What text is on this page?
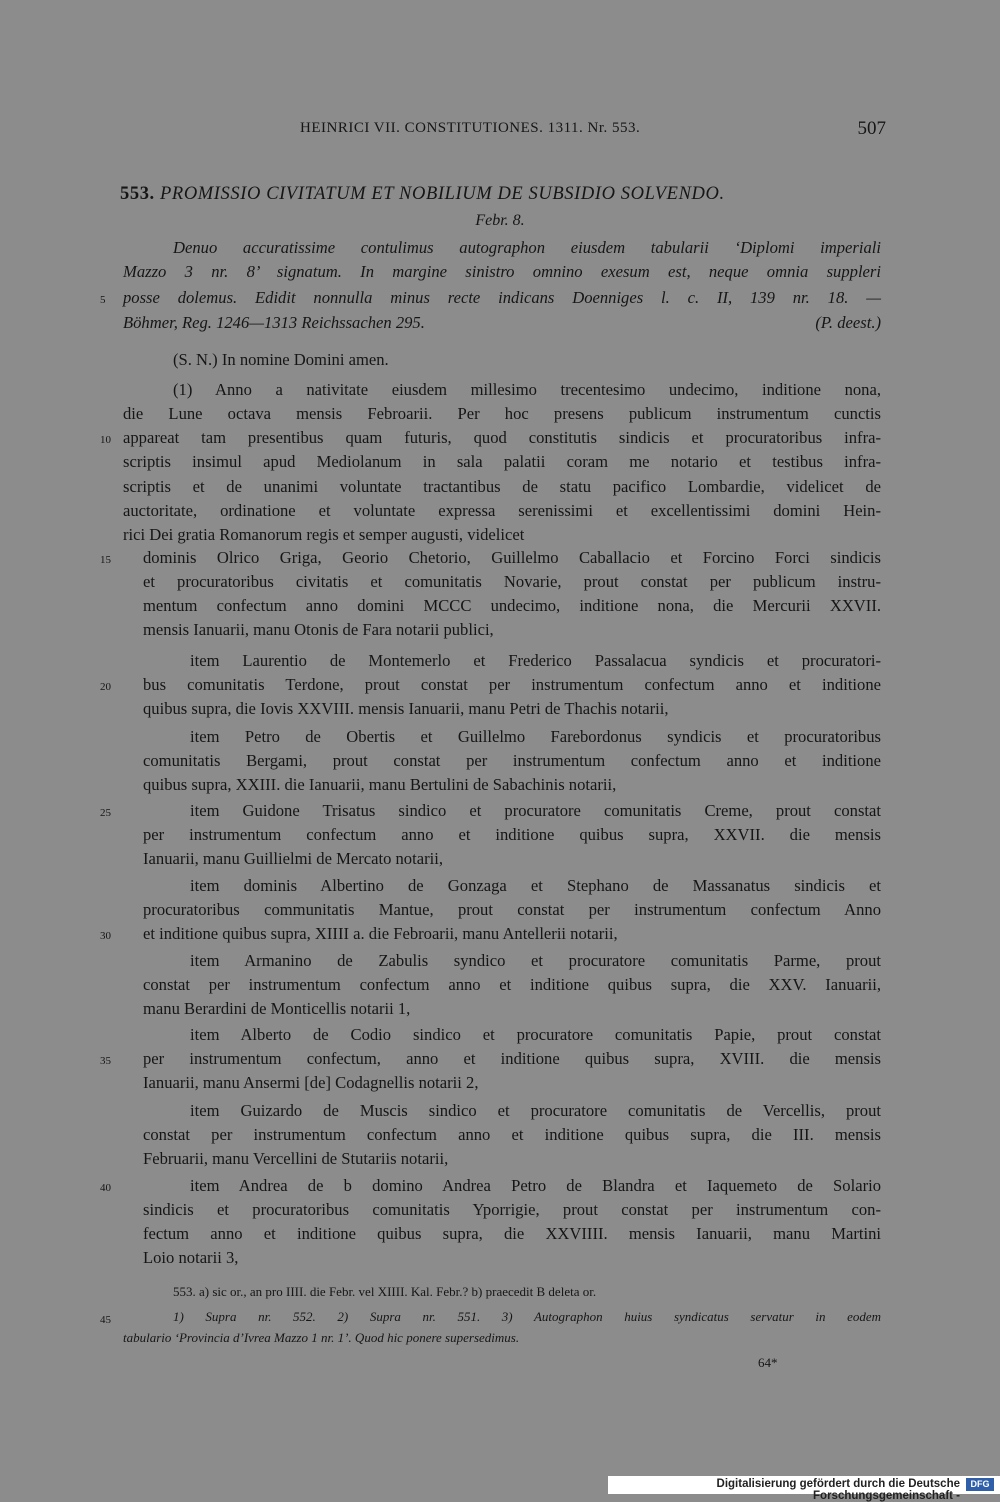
HEINRICI VII. CONSTITUTIONES. 1311. Nr. 553.	507
553. PROMISSIO CIVITATUM ET NOBILIUM DE SUBSIDIO SOLVENDO.
Febr. 8.
Denuo accuratissime contulimus autographon eiusdem tabularii ‘Diplomi imperiali
Mazzo 3 nr. 8’ signatum. In margine sinistro omnino exesum est, neque omnia suppleri
posse dolemus. Edidit nonnulla minus recte indicans Doenniges l. c. II, 139 nr. 18. —
Böhmer, Reg. 1246—1313 Reichssachen 295.	(P. deest.)
(S. N.) In nomine Domini amen.
(1) Anno a nativitate eiusdem millesimo trecentesimo undecimo, inditione nona,
die Lune octava mensis Febroarii. Per hoc presens publicum instrumentum cunctis
appareat tam presentibus quam futuris, quod constitutis sindicis et procuratoribus infra-
scriptis insimul apud Mediolanum in sala palatii coram me notario et testibus infra-
scriptis et de unanimi voluntate tractantibus de statu pacifico Lombardie, videlicet de
auctoritate, ordinatione et voluntate expressa serenissimi et excellentissimi domini Hein-
rici Dei gratia Romanorum regis et semper augusti, videlicet
dominis Olrico Griga, Georio Chetorio, Guillelmo Caballacio et Forcino Forci sindicis
et procuratoribus civitatis et comunitatis Novarie, prout constat per publicum instru-
mentum confectum anno domini MCCC undecimo, inditione nona, die Mercurii XXVII.
mensis Ianuarii, manu Otonis de Fara notarii publici,
item Laurentio de Montemerlo et Frederico Passalacua syndicis et procuratori-
bus comunitatis Terdone, prout constat per instrumentum confectum anno et inditione
quibus supra, die Iovis XXVIII. mensis Ianuarii, manu Petri de Thachis notarii,
item Petro de Obertis et Guillelmo Farebordonus syndicis et procuratoribus
comunitatis Bergami, prout constat per instrumentum confectum anno et inditione
quibus supra, XXIII. die Ianuarii, manu Bertulini de Sabachinis notarii,
item Guidone Trisatus sindico et procuratore comunitatis Creme, prout constat
per instrumentum confectum anno et inditione quibus supra, XXVII. die mensis
Ianuarii, manu Guillielmi de Mercato notarii,
item dominis Albertino de Gonzaga et Stephano de Massanatus sindicis et
procuratoribus communitatis Mantue, prout constat per instrumentum confectum Anno
et inditione quibus supra, XIIII a. die Febroarii, manu Antellerii notarii,
item Armanino de Zabulis syndico et procuratore comunitatis Parme, prout
constat per instrumentum confectum anno et inditione quibus supra, die XXV. Ianuarii,
manu Berardini de Monticellis notarii 1,
item Alberto de Codio sindico et procuratore comunitatis Papie, prout constat
per instrumentum confectum, anno et inditione quibus supra, XVIII. die mensis
Ianuarii, manu Ansermi [de] Codagnellis notarii 2,
item Guizardo de Muscis sindico et procuratore comunitatis de Vercellis, prout
constat per instrumentum confectum anno et inditione quibus supra, die III. mensis
Februarii, manu Vercellini de Stutariis notarii,
item Andrea de b domino Andrea Petro de Blandra et Iaquemeto de Solario
sindicis et procuratoribus comunitatis Yporrigie, prout constat per instrumentum con-
fectum anno et inditione quibus supra, die XXVIIII. mensis Ianuarii, manu Martini
Loio notarii 3,
5
10
15
20
25
30
35
40
45
553. a) sic or., an pro IIII. die Febr. vel XIIII. Kal. Febr.? b) praecedit B deleta or.
1) Supra nr. 552. 2) Supra nr. 551. 3) Autographon huius syndicatus servatur in eodem
tabulario ‘Provincia d’Ivrea Mazzo 1 nr. 1’. Quod hic ponere supersedimus.
64*
Digitalisierung gefördert durch die Deutsche Forschungsgemeinschaft -
DFG
